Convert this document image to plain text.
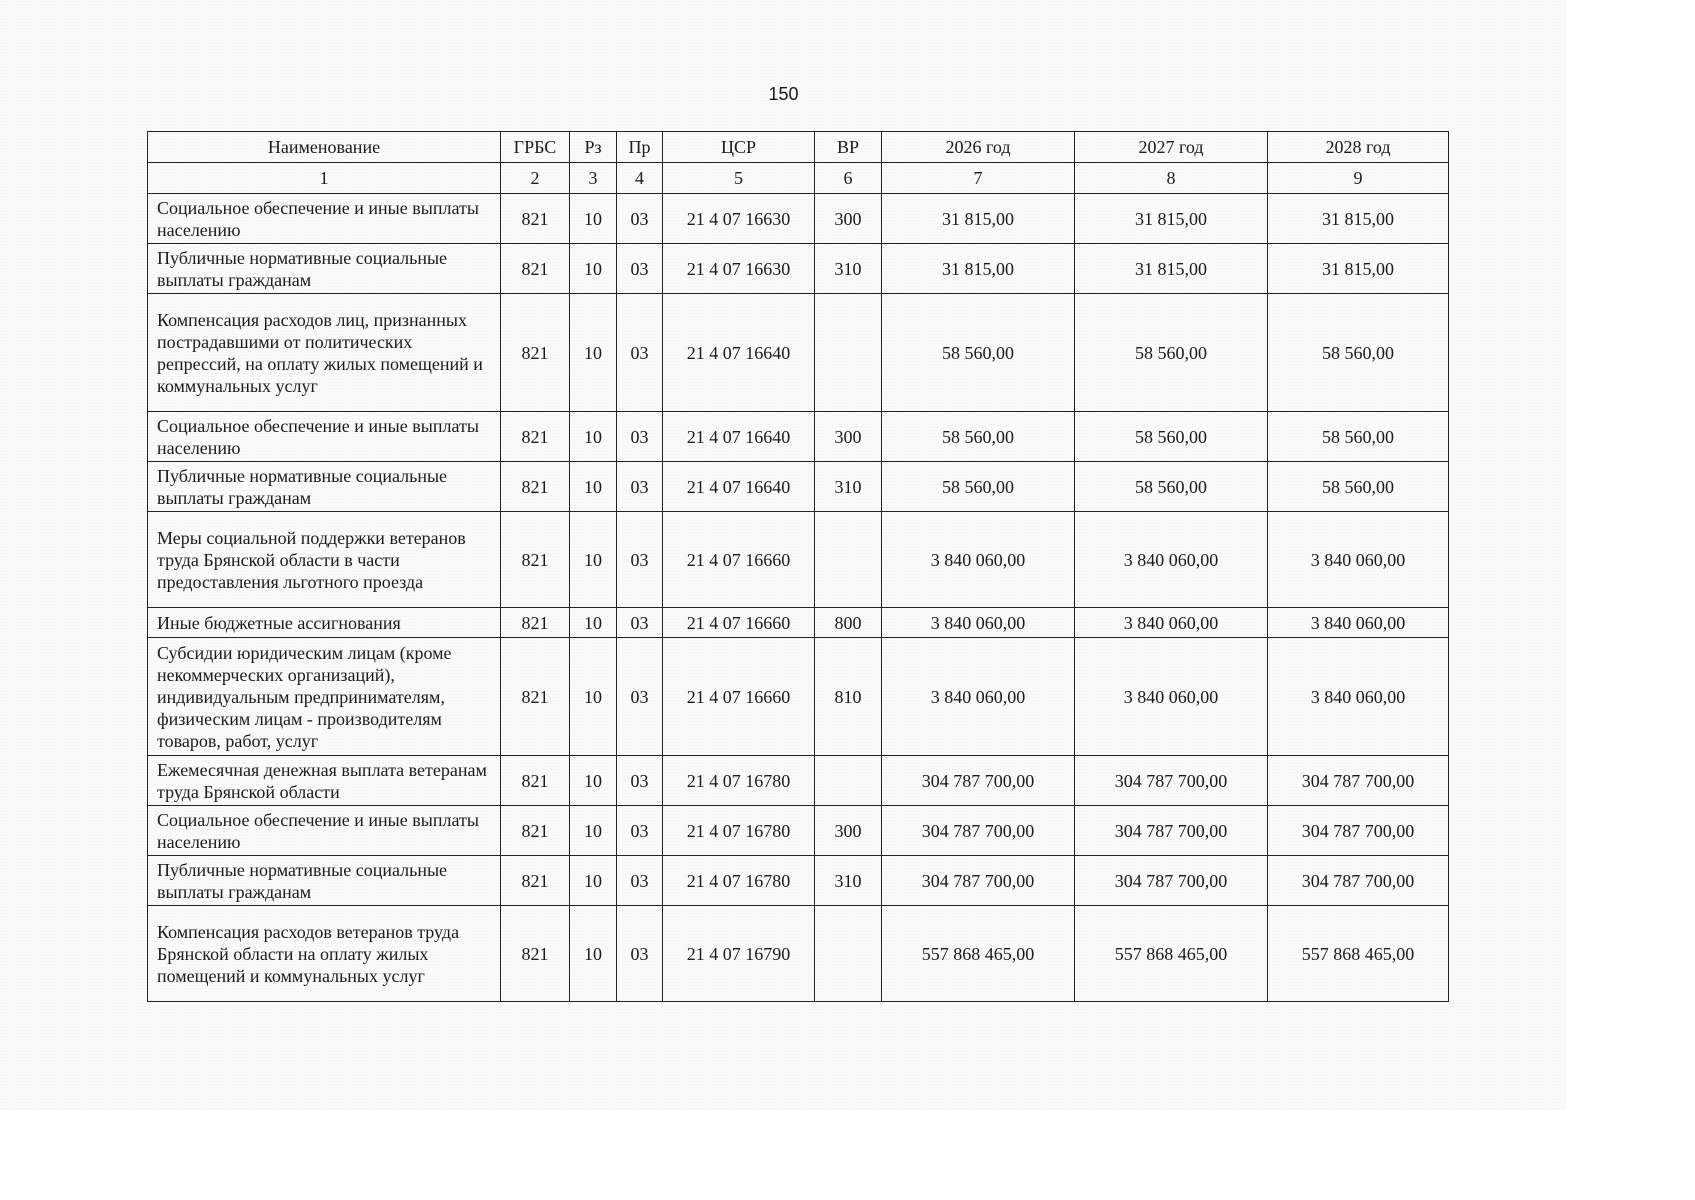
150
Наименование	ГРБС	Рз	Пр	ЦСР	ВР	2026 год	2027 год	2028 год
1	2	3	4	5	6	7	8	9
Социальное обеспечение и иные выплаты населению	821	10	03	21 4 07 16630	300	31 815,00	31 815,00	31 815,00
Публичные нормативные социальные выплаты гражданам	821	10	03	21 4 07 16630	310	31 815,00	31 815,00	31 815,00
Компенсация расходов лиц, признанных пострадавшими от политических репрессий, на оплату жилых помещений и коммунальных услуг	821	10	03	21 4 07 16640		58 560,00	58 560,00	58 560,00
Социальное обеспечение и иные выплаты населению	821	10	03	21 4 07 16640	300	58 560,00	58 560,00	58 560,00
Публичные нормативные социальные выплаты гражданам	821	10	03	21 4 07 16640	310	58 560,00	58 560,00	58 560,00
Меры социальной поддержки ветеранов труда Брянской области в части предоставления льготного проезда	821	10	03	21 4 07 16660		3 840 060,00	3 840 060,00	3 840 060,00
Иные бюджетные ассигнования	821	10	03	21 4 07 16660	800	3 840 060,00	3 840 060,00	3 840 060,00
Субсидии юридическим лицам (кроме некоммерческих организаций), индивидуальным предпринимателям, физическим лицам - производителям товаров, работ, услуг	821	10	03	21 4 07 16660	810	3 840 060,00	3 840 060,00	3 840 060,00
Ежемесячная денежная выплата ветеранам труда Брянской области	821	10	03	21 4 07 16780		304 787 700,00	304 787 700,00	304 787 700,00
Социальное обеспечение и иные выплаты населению	821	10	03	21 4 07 16780	300	304 787 700,00	304 787 700,00	304 787 700,00
Публичные нормативные социальные выплаты гражданам	821	10	03	21 4 07 16780	310	304 787 700,00	304 787 700,00	304 787 700,00
Компенсация расходов ветеранов труда Брянской области на оплату жилых помещений и коммунальных услуг	821	10	03	21 4 07 16790		557 868 465,00	557 868 465,00	557 868 465,00
